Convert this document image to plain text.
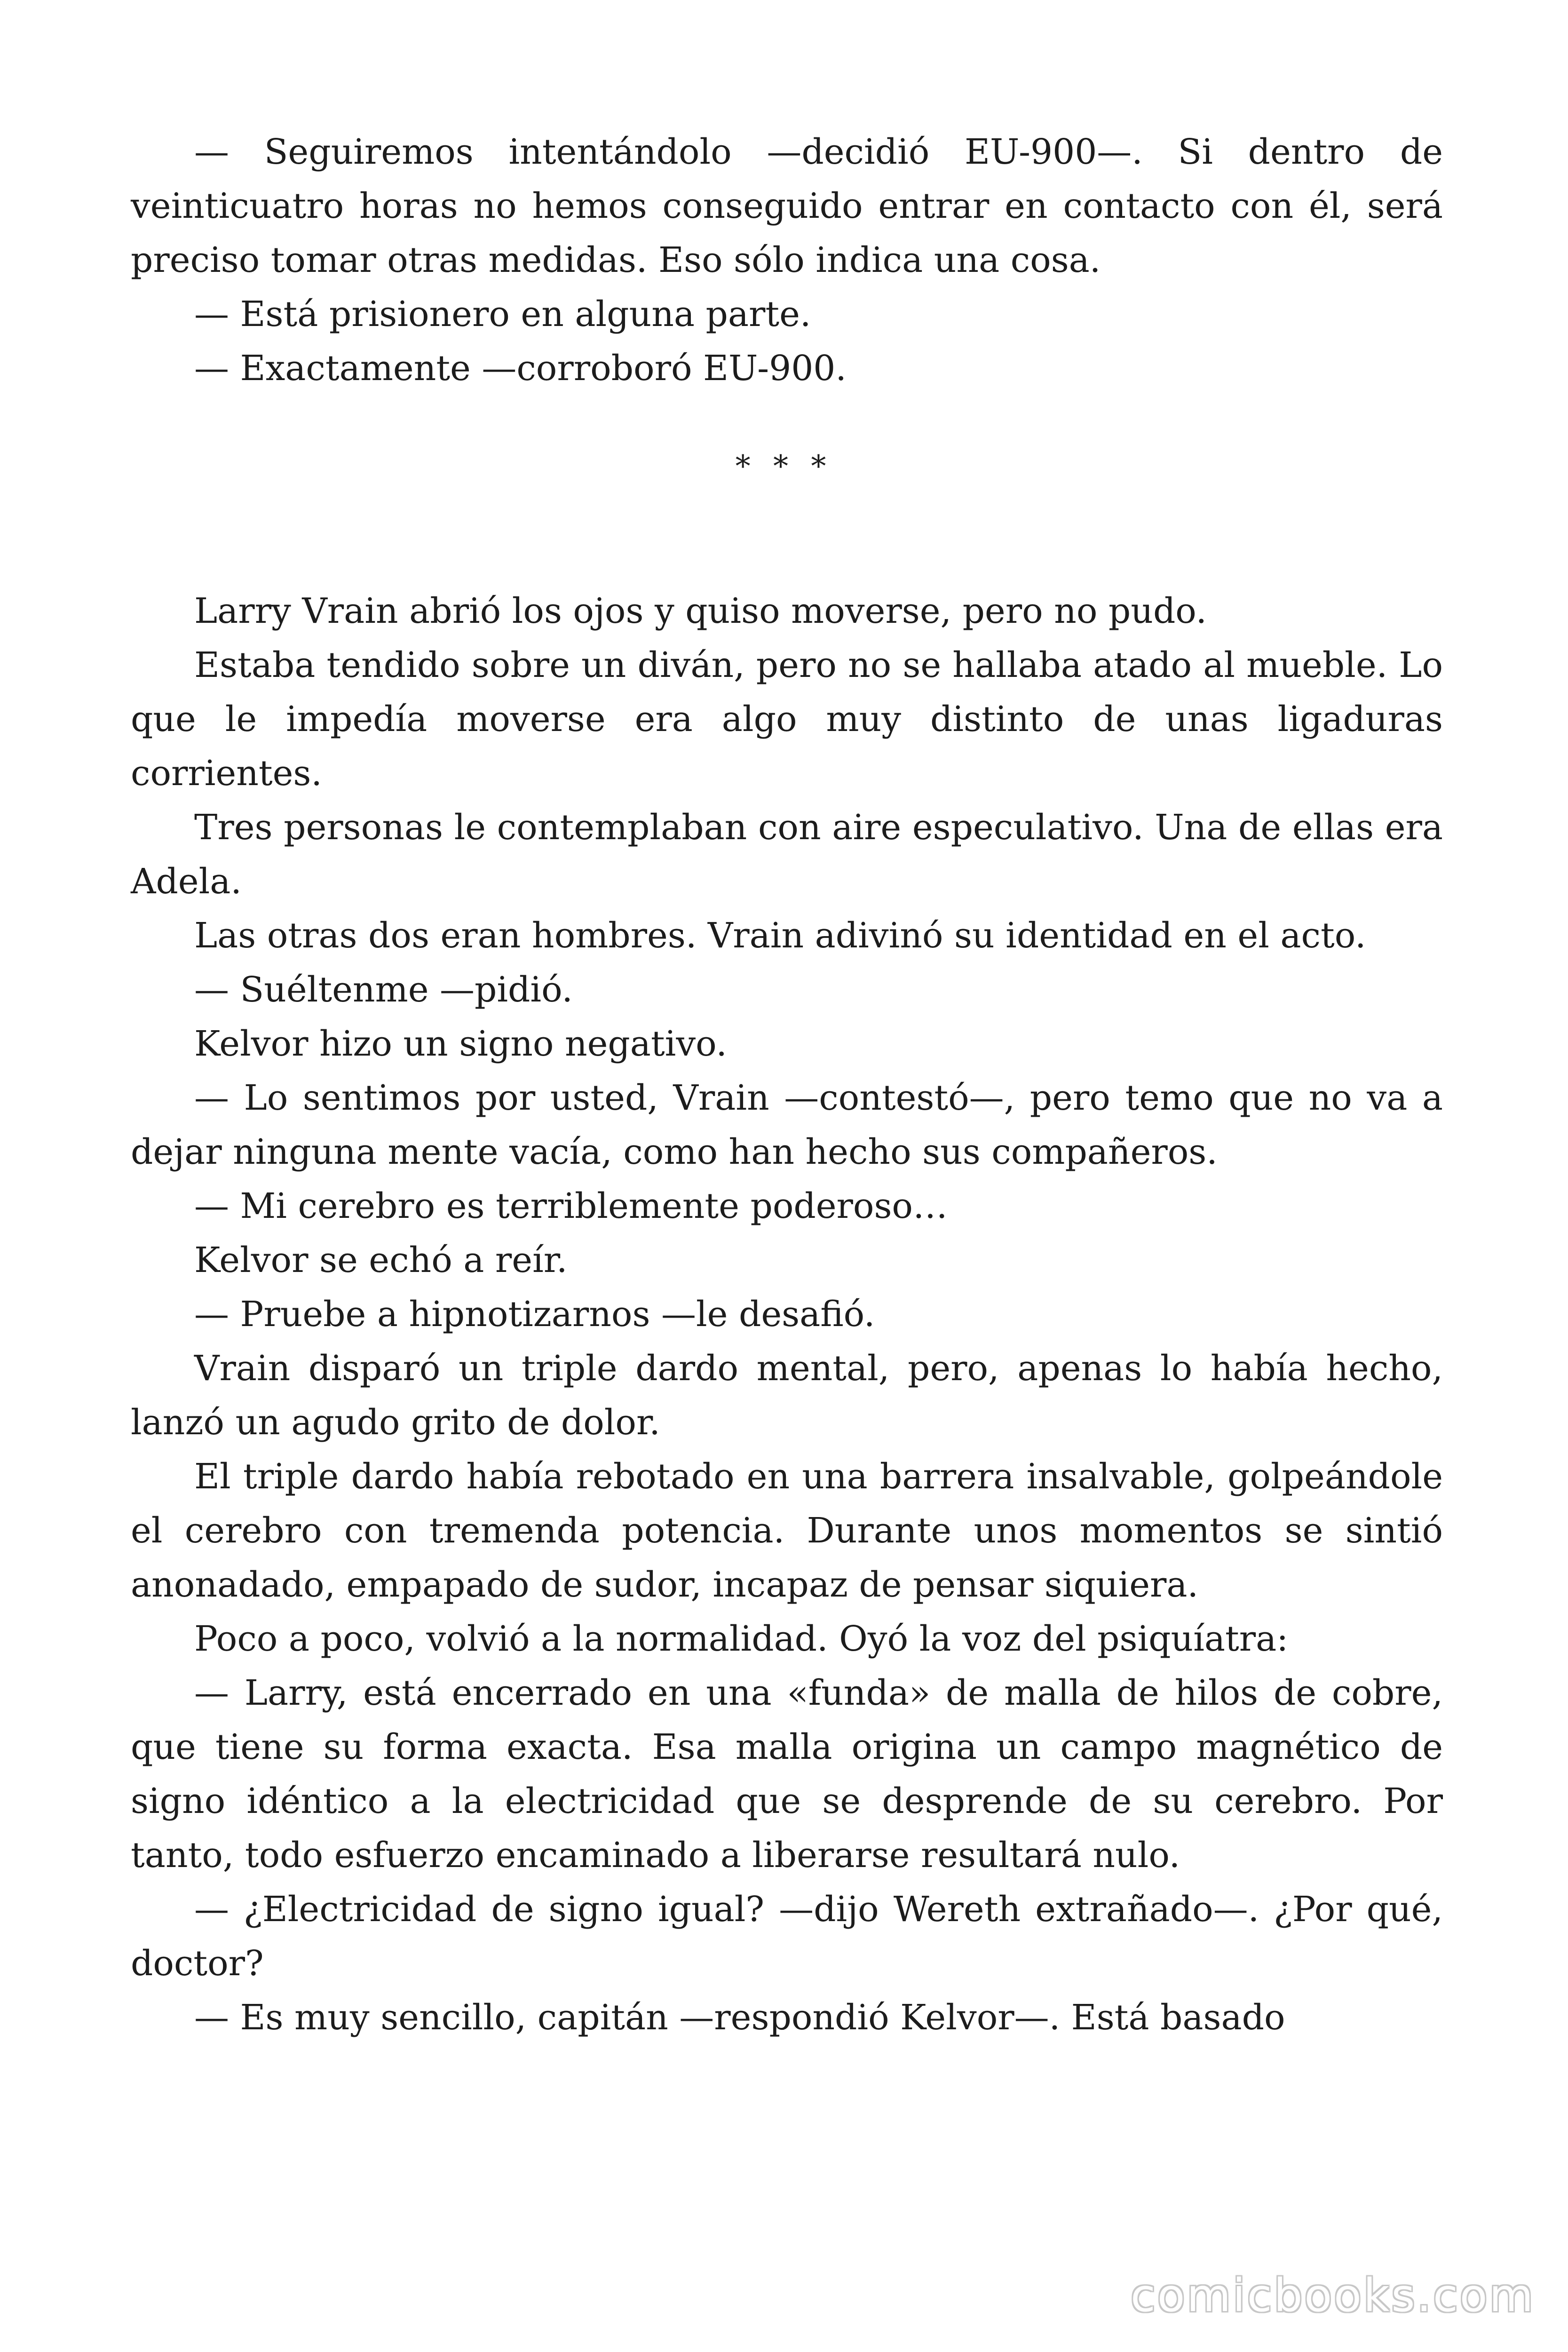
— Seguiremos intentándolo —decidió EU-900—. Si dentro de veinticuatro horas no hemos conseguido entrar en contacto con él, será preciso tomar otras medidas. Eso sólo indica una cosa.

— Está prisionero en alguna parte.

— Exactamente —corroboró EU-900.

* * *

Larry Vrain abrió los ojos y quiso moverse, pero no pudo.

Estaba tendido sobre un diván, pero no se hallaba atado al mueble. Lo que le impedía moverse era algo muy distinto de unas ligaduras corrientes.

Tres personas le contemplaban con aire especulativo. Una de ellas era Adela.

Las otras dos eran hombres. Vrain adivinó su identidad en el acto.

— Suéltenme —pidió.

Kelvor hizo un signo negativo.

— Lo sentimos por usted, Vrain —contestó—, pero temo que no va a dejar ninguna mente vacía, como han hecho sus compañeros.

— Mi cerebro es terriblemente poderoso…

Kelvor se echó a reír.

— Pruebe a hipnotizarnos —le desafió.

Vrain disparó un triple dardo mental, pero, apenas lo había hecho, lanzó un agudo grito de dolor.

El triple dardo había rebotado en una barrera insalvable, golpeándole el cerebro con tremenda potencia. Durante unos momentos se sintió anonadado, empapado de sudor, incapaz de pensar siquiera.

Poco a poco, volvió a la normalidad. Oyó la voz del psiquíatra:

— Larry, está encerrado en una «funda» de malla de hilos de cobre, que tiene su forma exacta. Esa malla origina un campo magnético de signo idéntico a la electricidad que se desprende de su cerebro. Por tanto, todo esfuerzo encaminado a liberarse resultará nulo.

— ¿Electricidad de signo igual? —dijo Wereth extrañado—. ¿Por qué, doctor?

— Es muy sencillo, capitán —respondió Kelvor—. Está basado

comicbooks.com
